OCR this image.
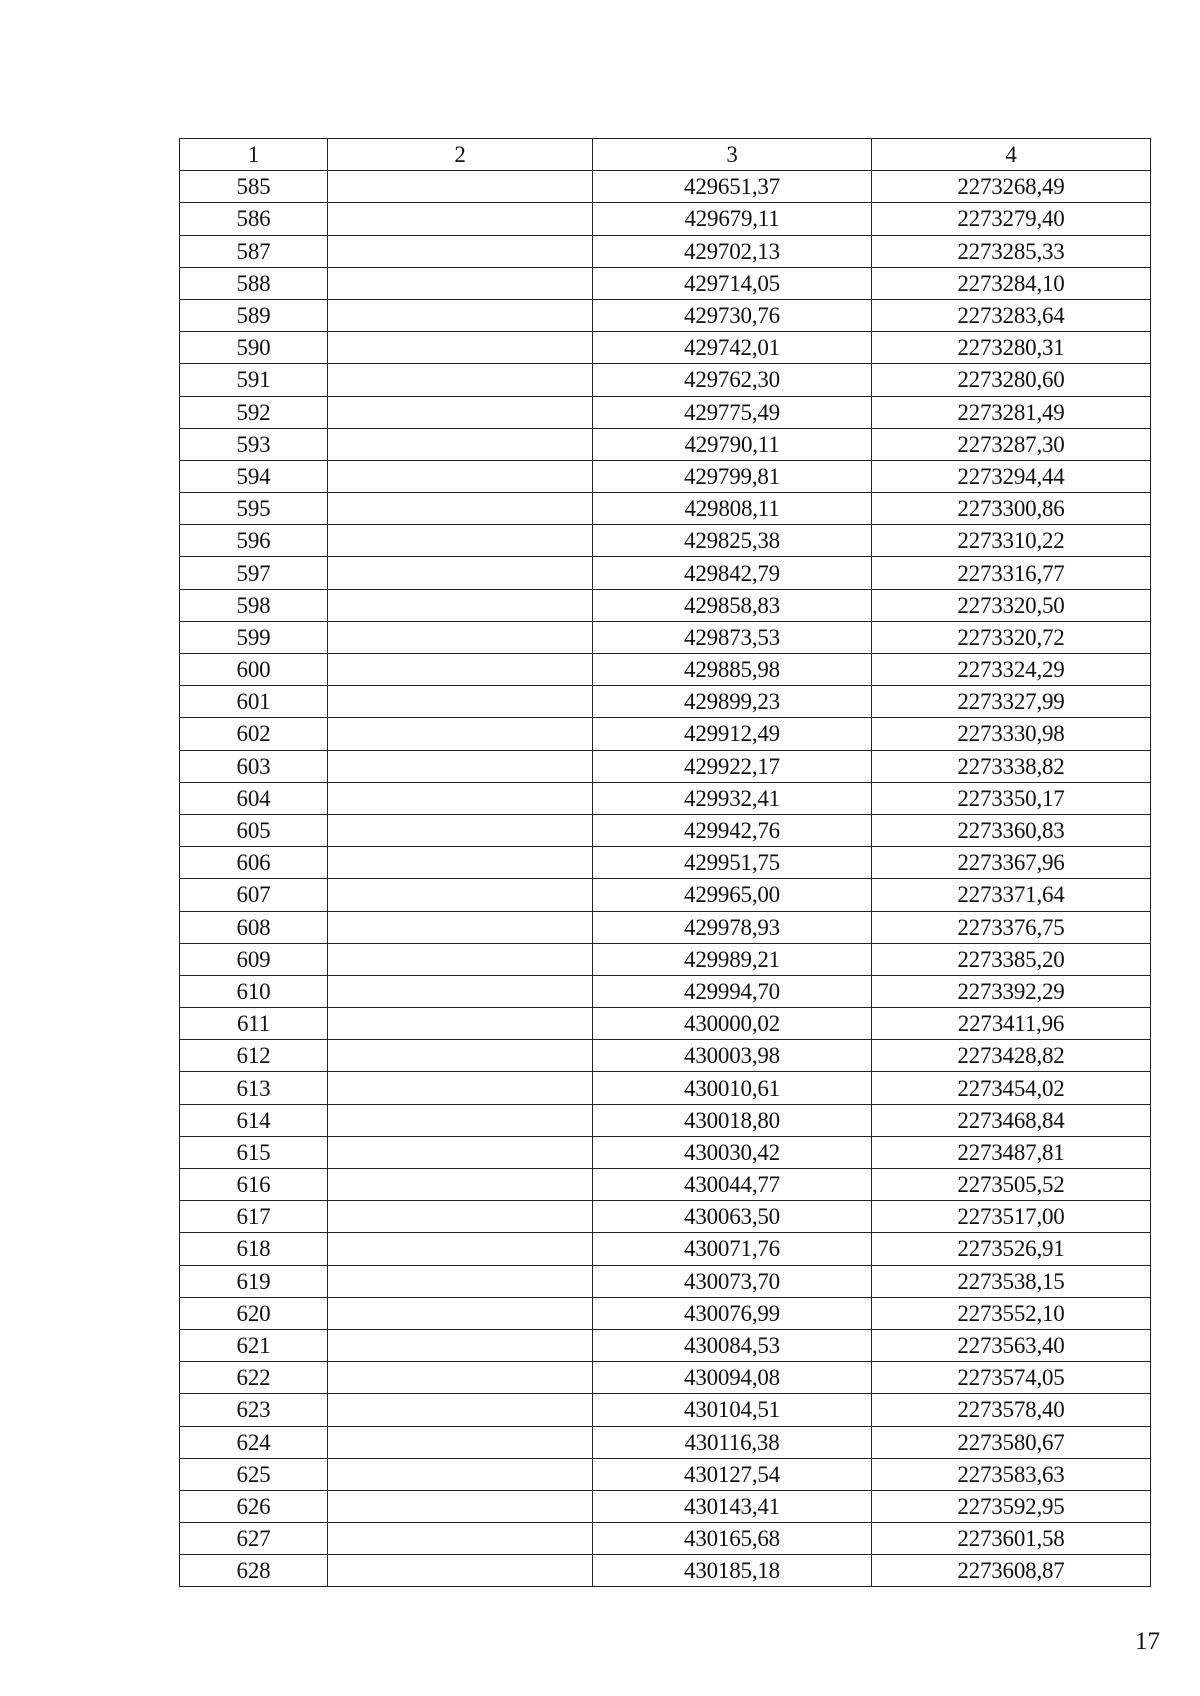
1	2	3	4
585		429651,37	2273268,49
586		429679,11	2273279,40
587		429702,13	2273285,33
588		429714,05	2273284,10
589		429730,76	2273283,64
590		429742,01	2273280,31
591		429762,30	2273280,60
592		429775,49	2273281,49
593		429790,11	2273287,30
594		429799,81	2273294,44
595		429808,11	2273300,86
596		429825,38	2273310,22
597		429842,79	2273316,77
598		429858,83	2273320,50
599		429873,53	2273320,72
600		429885,98	2273324,29
601		429899,23	2273327,99
602		429912,49	2273330,98
603		429922,17	2273338,82
604		429932,41	2273350,17
605		429942,76	2273360,83
606		429951,75	2273367,96
607		429965,00	2273371,64
608		429978,93	2273376,75
609		429989,21	2273385,20
610		429994,70	2273392,29
611		430000,02	2273411,96
612		430003,98	2273428,82
613		430010,61	2273454,02
614		430018,80	2273468,84
615		430030,42	2273487,81
616		430044,77	2273505,52
617		430063,50	2273517,00
618		430071,76	2273526,91
619		430073,70	2273538,15
620		430076,99	2273552,10
621		430084,53	2273563,40
622		430094,08	2273574,05
623		430104,51	2273578,40
624		430116,38	2273580,67
625		430127,54	2273583,63
626		430143,41	2273592,95
627		430165,68	2273601,58
628		430185,18	2273608,87
17
